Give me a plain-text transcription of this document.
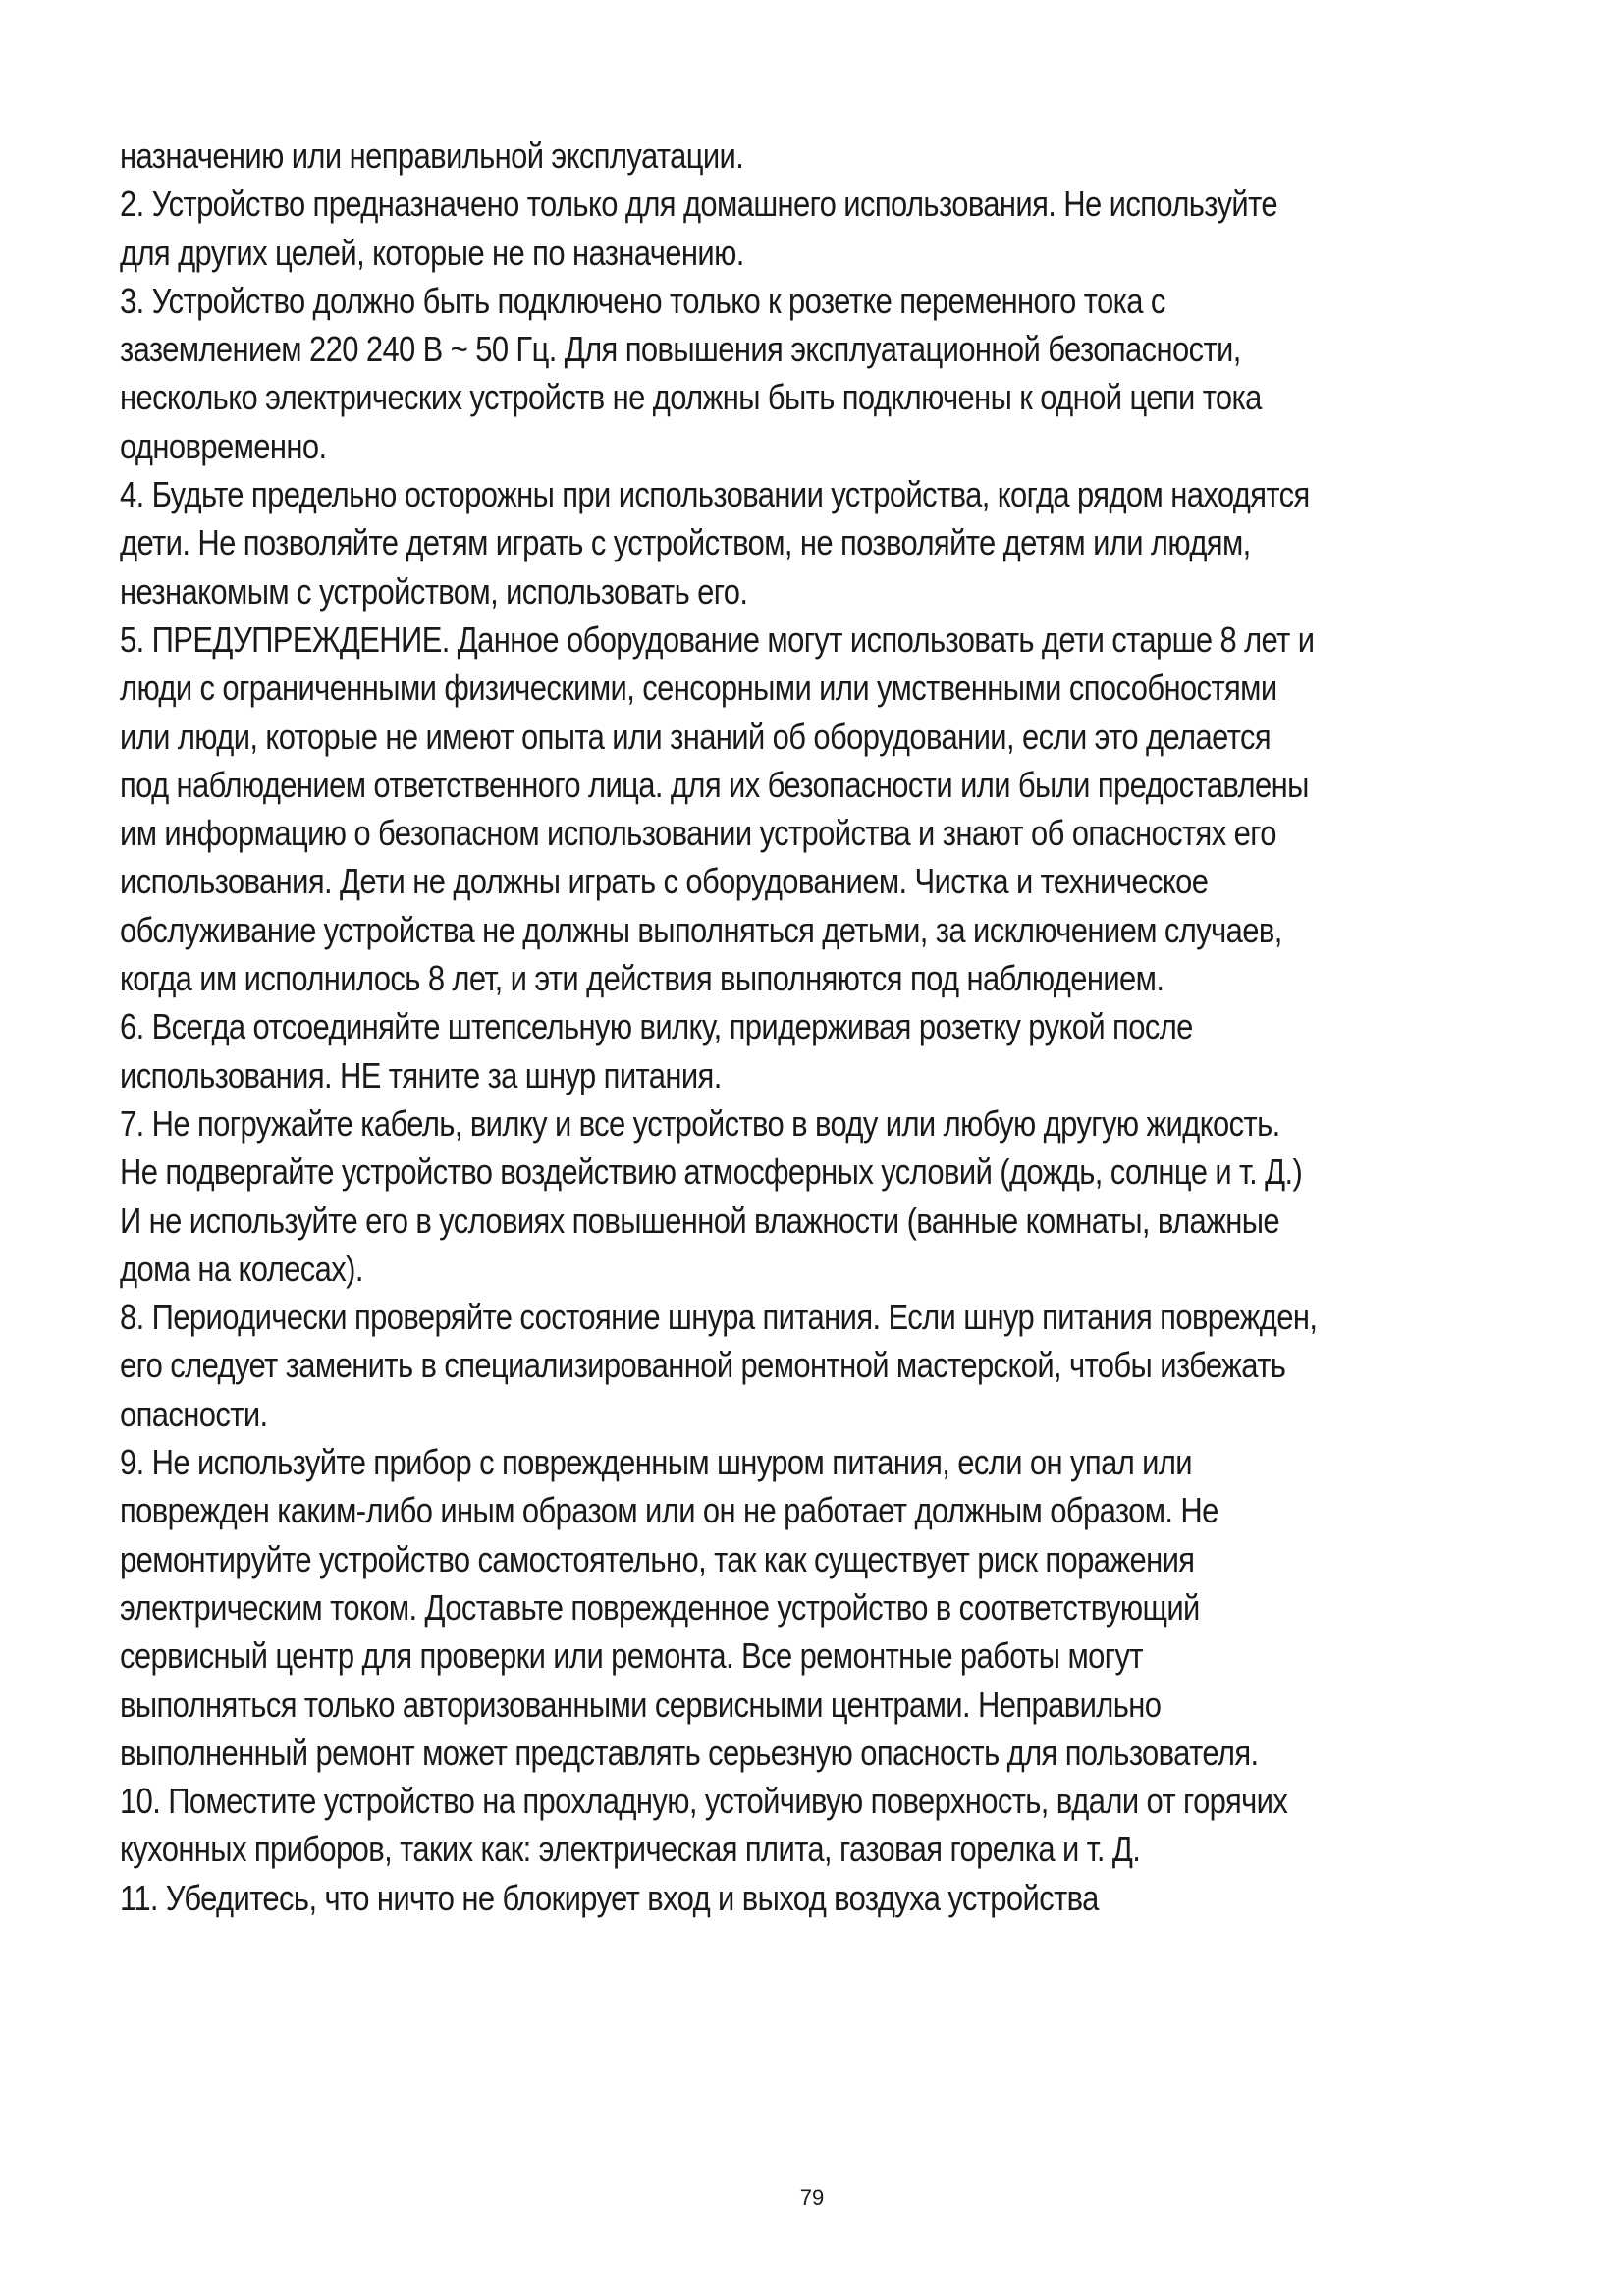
назначению или неправильной эксплуатации.

2. Устройство предназначено только для домашнего использования. Не используйте для других целей, которые не по назначению.

3. Устройство должно быть подключено только к розетке переменного тока с заземлением 220 240 В ~ 50 Гц. Для повышения эксплуатационной безопасности, несколько электрических устройств не должны быть подключены к одной цепи тока одновременно.

4. Будьте предельно осторожны при использовании устройства, когда рядом находятся дети. Не позволяйте детям играть с устройством, не позволяйте детям или людям, незнакомым с устройством, использовать его.

5. ПРЕДУПРЕЖДЕНИЕ. Данное оборудование могут использовать дети старше 8 лет и люди с ограниченными физическими, сенсорными или умственными способностями или люди, которые не имеют опыта или знаний об оборудовании, если это делается под наблюдением ответственного лица. для их безопасности или были предоставлены им информацию о безопасном использовании устройства и знают об опасностях его использования. Дети не должны играть с оборудованием. Чистка и техническое обслуживание устройства не должны выполняться детьми, за исключением случаев, когда им исполнилось 8 лет, и эти действия выполняются под наблюдением.

6. Всегда отсоединяйте штепсельную вилку, придерживая розетку рукой после использования. НЕ тяните за шнур питания.

7. Не погружайте кабель, вилку и все устройство в воду или любую другую жидкость. Не подвергайте устройство воздействию атмосферных условий (дождь, солнце и т. Д.) И не используйте его в условиях повышенной влажности (ванные комнаты, влажные дома на колесах).

8. Периодически проверяйте состояние шнура питания. Если шнур питания поврежден, его следует заменить в специализированной ремонтной мастерской, чтобы избежать опасности.

9. Не используйте прибор с поврежденным шнуром питания, если он упал или поврежден каким-либо иным образом или он не работает должным образом. Не ремонтируйте устройство самостоятельно, так как существует риск поражения электрическим током. Доставьте поврежденное устройство в соответствующий сервисный центр для проверки или ремонта. Все ремонтные работы могут выполняться только авторизованными сервисными центрами. Неправильно выполненный ремонт может представлять серьезную опасность для пользователя.

10. Поместите устройство на прохладную, устойчивую поверхность, вдали от горячих кухонных приборов, таких как: электрическая плита, газовая горелка и т. Д.

11. Убедитесь, что ничто не блокирует вход и выход воздуха устройства

79
